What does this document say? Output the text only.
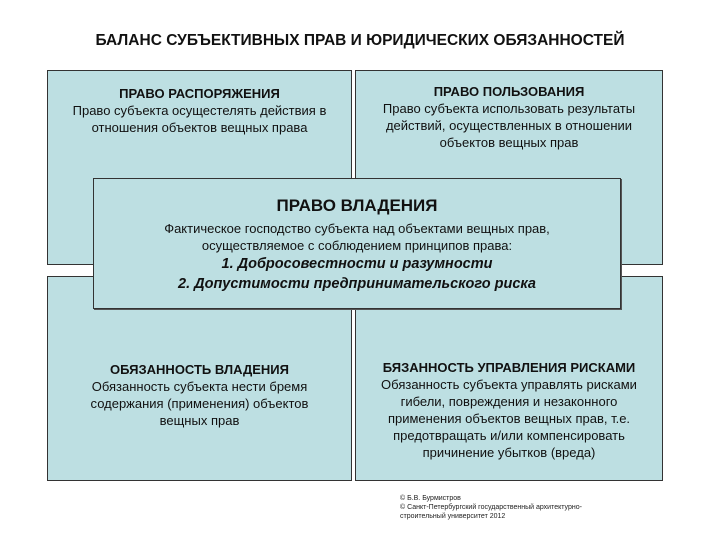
БАЛАНС СУБЪЕКТИВНЫХ ПРАВ И ЮРИДИЧЕСКИХ ОБЯЗАННОСТЕЙ
ПРАВО РАСПОРЯЖЕНИЯ
Право субъекта осущестелять действия в отношения объектов вещных права
ПРАВО ПОЛЬЗОВАНИЯ
Право субъекта использовать результаты действий, осуществленных в отношении объектов вещных прав
ОБЯЗАННОСТЬ ВЛАДЕНИЯ
Обязанность субъекта нести бремя содержания (применения) объектов вещных прав
БЯЗАННОСТЬ УПРАВЛЕНИЯ РИСКАМИ
Обязанность субъекта управлять рисками гибели, повреждения и незаконного применения объектов вещных прав, т.е. предотвращать и/или компенсировать причинение убытков (вреда)
ПРАВО ВЛАДЕНИЯ
Фактическое господство субъекта над объектами вещных прав, осуществляемое с соблюдением принципов права:
1. Добросовестности и разумности
2. Допустимости предпринимательского риска
© Б.В. Бурмистров
© Санкт-Петербургский государственный архитектурно-строительный университет 2012
